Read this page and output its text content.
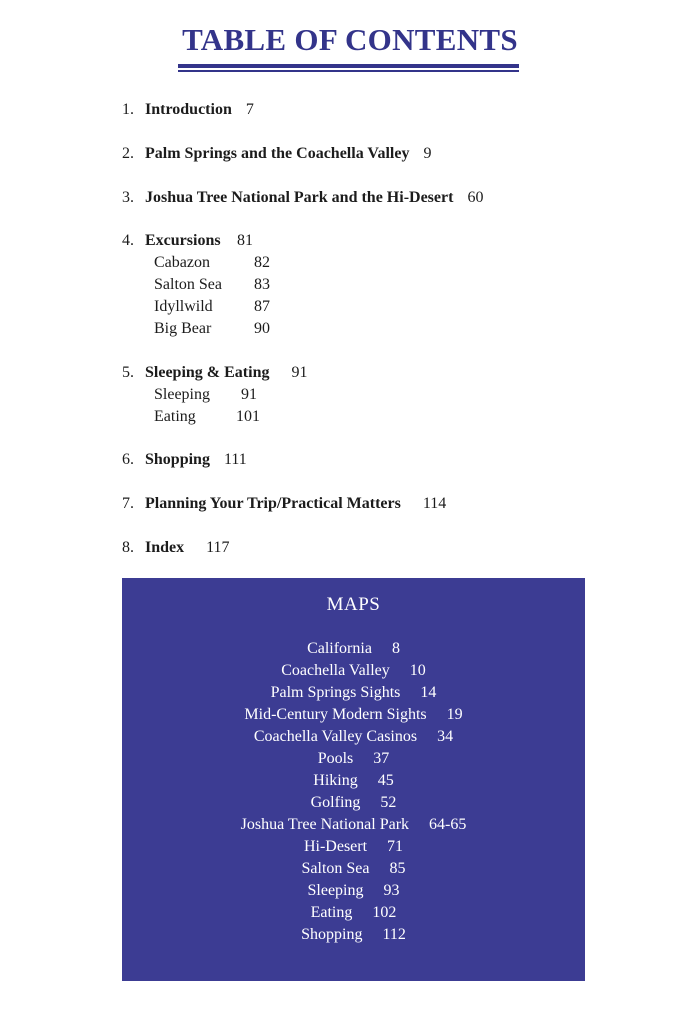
TABLE OF CONTENTS
1. Introduction 7
2. Palm Springs and the Coachella Valley 9
3. Joshua Tree National Park and the Hi-Desert 60
4. Excursions 81
Cabazon	82
Salton Sea 83
Idyllwild	87
Big Bear	90
5. Sleeping & Eating 91
Sleeping 91
Eating	101
6. Shopping 111
7. Planning Your Trip/Practical Matters 114
8. Index 117
MAPS
California 8
Coachella Valley 10
Palm Springs Sights 14
Mid-Century Modern Sights 19
Coachella Valley Casinos 34
Pools 37
Hiking 45
Golfing 52
Joshua Tree National Park 64-65
Hi-Desert 71
Salton Sea 85
Sleeping 93
Eating 102
Shopping 112
